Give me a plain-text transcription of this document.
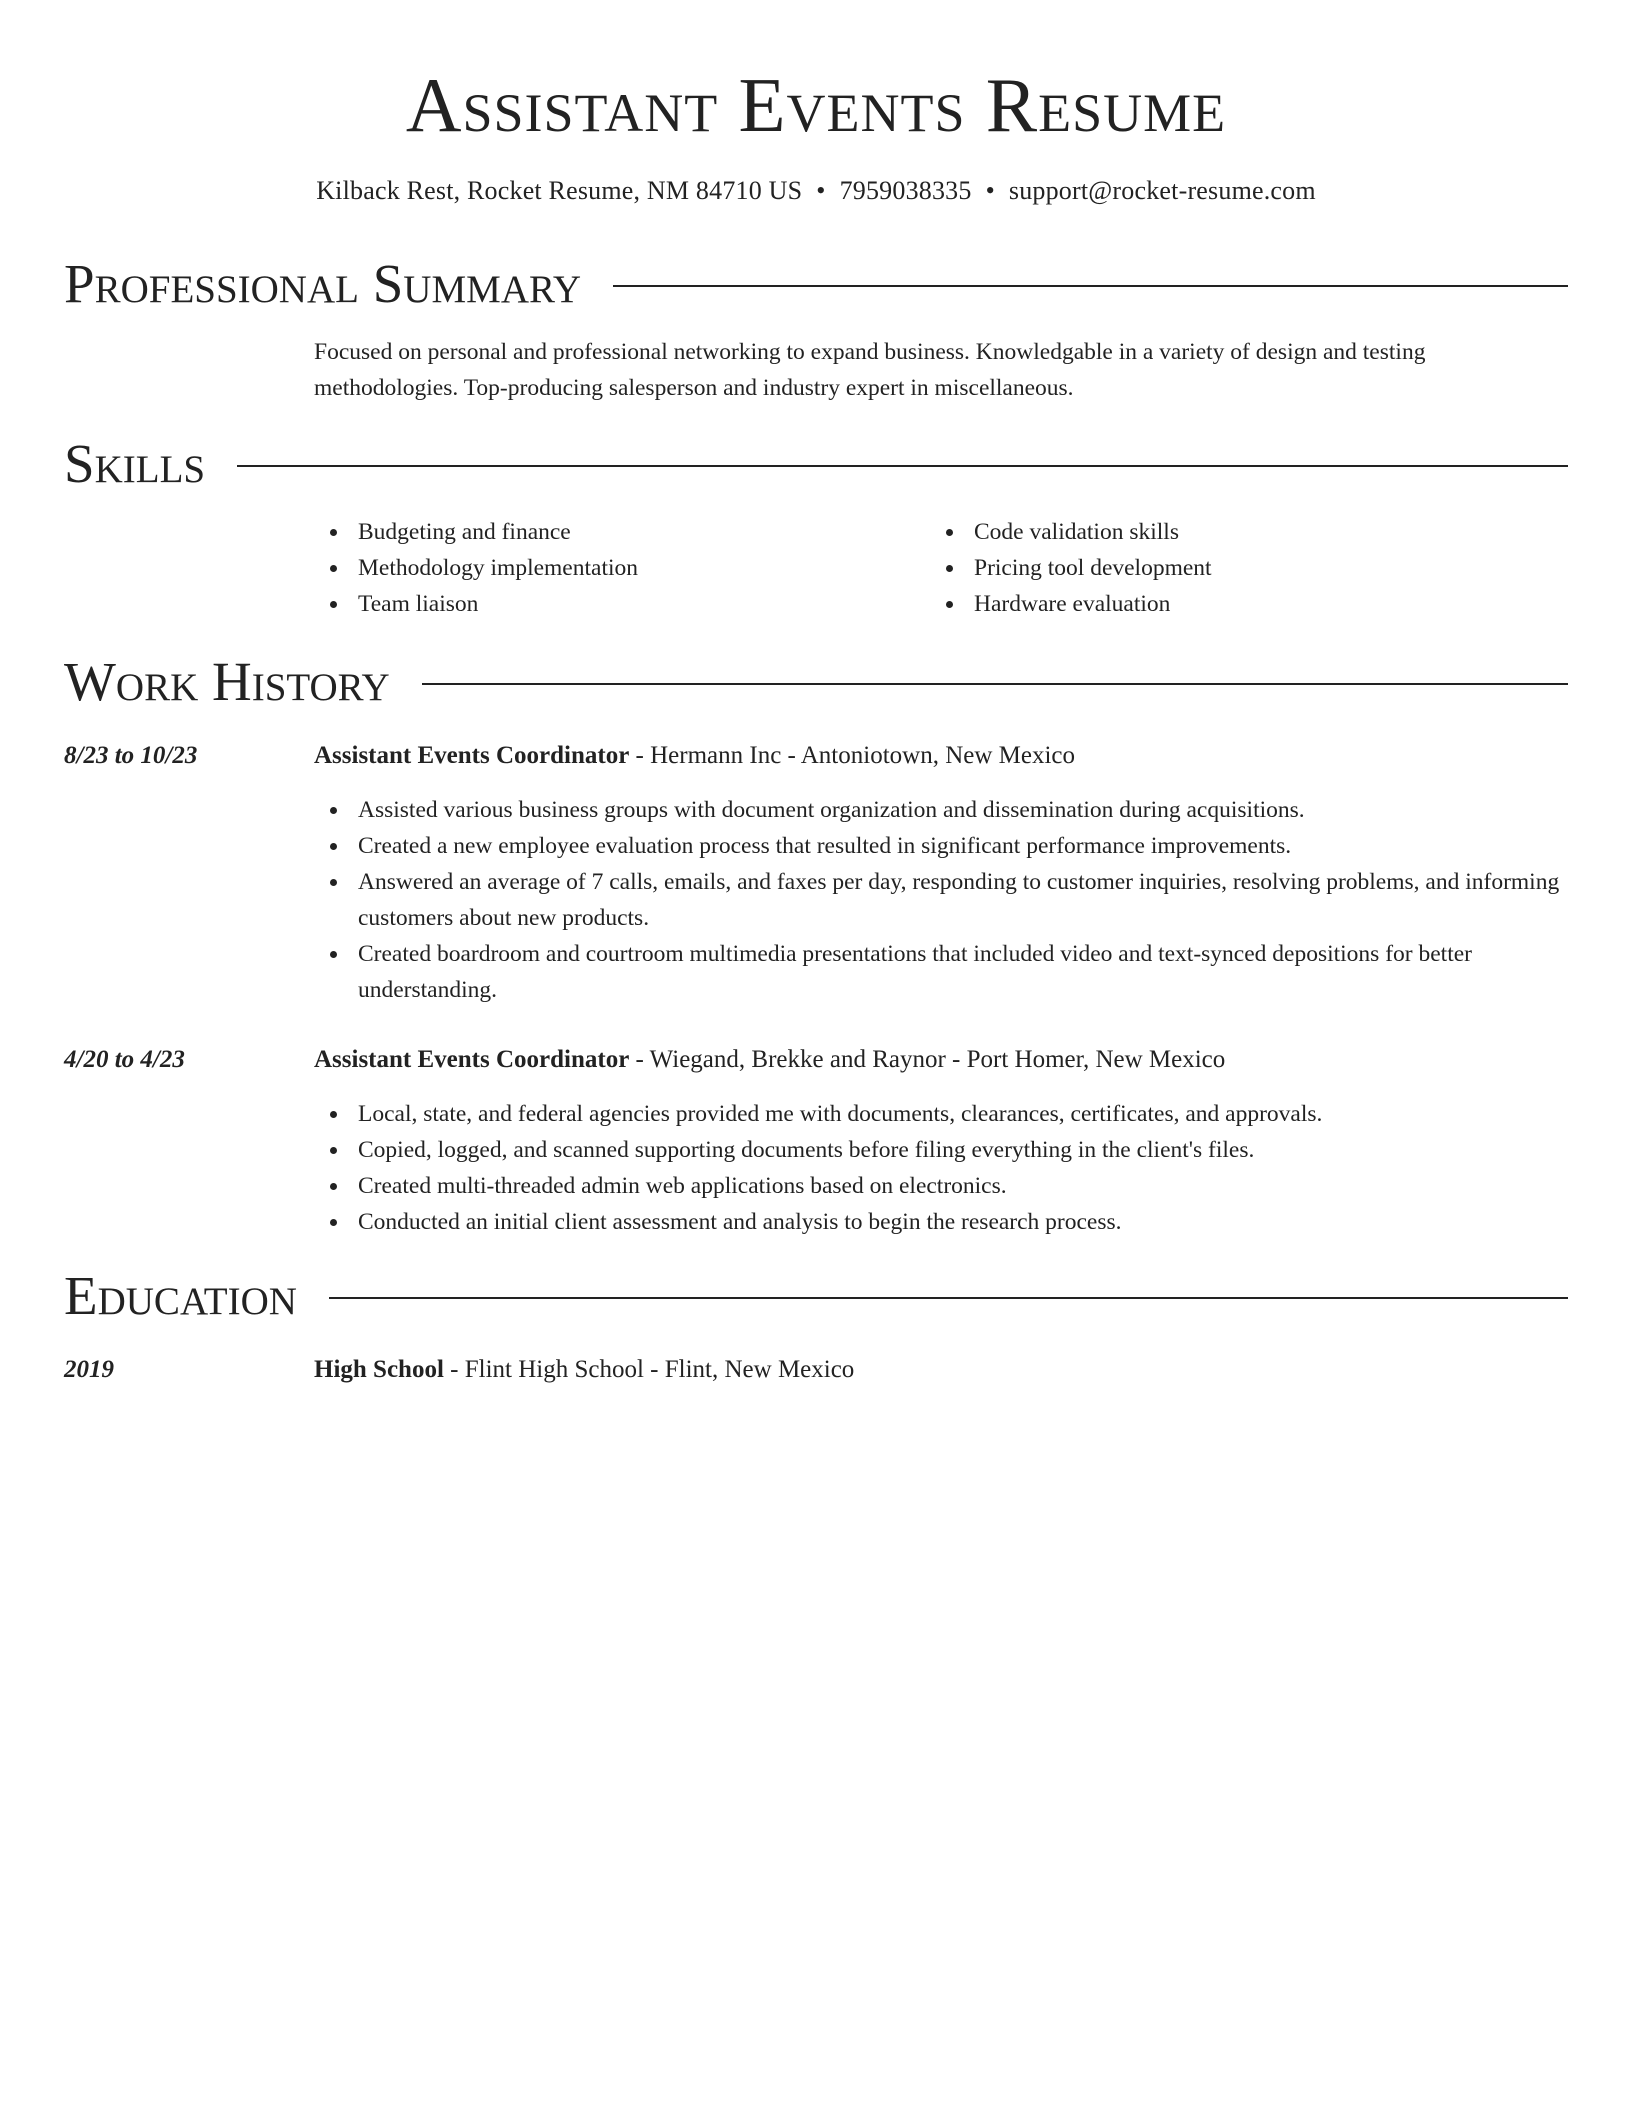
Assistant Events Resume
Kilback Rest, Rocket Resume, NM 84710 US • 7959038335 • support@rocket-resume.com
Professional Summary
Focused on personal and professional networking to expand business. Knowledgable in a variety of design and testing methodologies. Top-producing salesperson and industry expert in miscellaneous.
Skills
Budgeting and finance
Methodology implementation
Team liaison
Code validation skills
Pricing tool development
Hardware evaluation
Work History
8/23 to 10/23	Assistant Events Coordinator - Hermann Inc - Antoniotown, New Mexico
Assisted various business groups with document organization and dissemination during acquisitions.
Created a new employee evaluation process that resulted in significant performance improvements.
Answered an average of 7 calls, emails, and faxes per day, responding to customer inquiries, resolving problems, and informing customers about new products.
Created boardroom and courtroom multimedia presentations that included video and text-synced depositions for better understanding.
4/20 to 4/23	Assistant Events Coordinator - Wiegand, Brekke and Raynor - Port Homer, New Mexico
Local, state, and federal agencies provided me with documents, clearances, certificates, and approvals.
Copied, logged, and scanned supporting documents before filing everything in the client's files.
Created multi-threaded admin web applications based on electronics.
Conducted an initial client assessment and analysis to begin the research process.
Education
2019	High School - Flint High School - Flint, New Mexico
